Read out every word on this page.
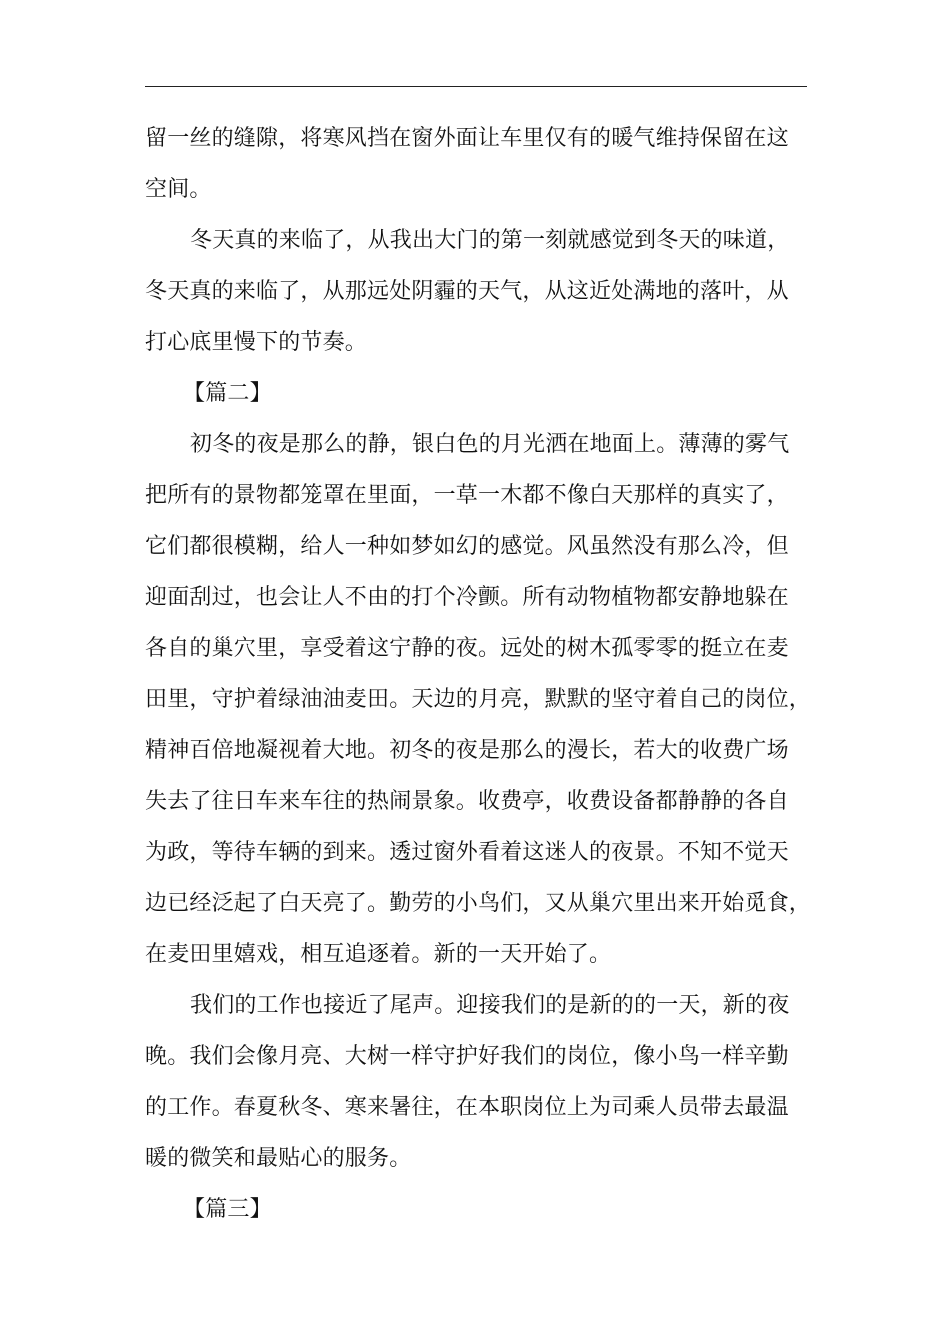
留一丝的缝隙，将寒风挡在窗外面让车里仅有的暖气维持保留在这
空间。
冬天真的来临了，从我出大门的第一刻就感觉到冬天的味道，
冬天真的来临了，从那远处阴霾的天气，从这近处满地的落叶，从
打心底里慢下的节奏。
【篇二】
初冬的夜是那么的静，银白色的月光洒在地面上。薄薄的雾气
把所有的景物都笼罩在里面，一草一木都不像白天那样的真实了，
它们都很模糊，给人一种如梦如幻的感觉。风虽然没有那么冷，但
迎面刮过，也会让人不由的打个冷颤。所有动物植物都安静地躲在
各自的巢穴里，享受着这宁静的夜。远处的树木孤零零的挺立在麦
田里，守护着绿油油麦田。天边的月亮，默默的坚守着自己的岗位，
精神百倍地凝视着大地。初冬的夜是那么的漫长，若大的收费广场
失去了往日车来车往的热闹景象。收费亭，收费设备都静静的各自
为政，等待车辆的到来。透过窗外看着这迷人的夜景。不知不觉天
边已经泛起了白天亮了。勤劳的小鸟们，又从巢穴里出来开始觅食，
在麦田里嬉戏，相互追逐着。新的一天开始了。
我们的工作也接近了尾声。迎接我们的是新的的一天，新的夜
晚。我们会像月亮、大树一样守护好我们的岗位，像小鸟一样辛勤
的工作。春夏秋冬、寒来暑往，在本职岗位上为司乘人员带去最温
暖的微笑和最贴心的服务。
【篇三】
